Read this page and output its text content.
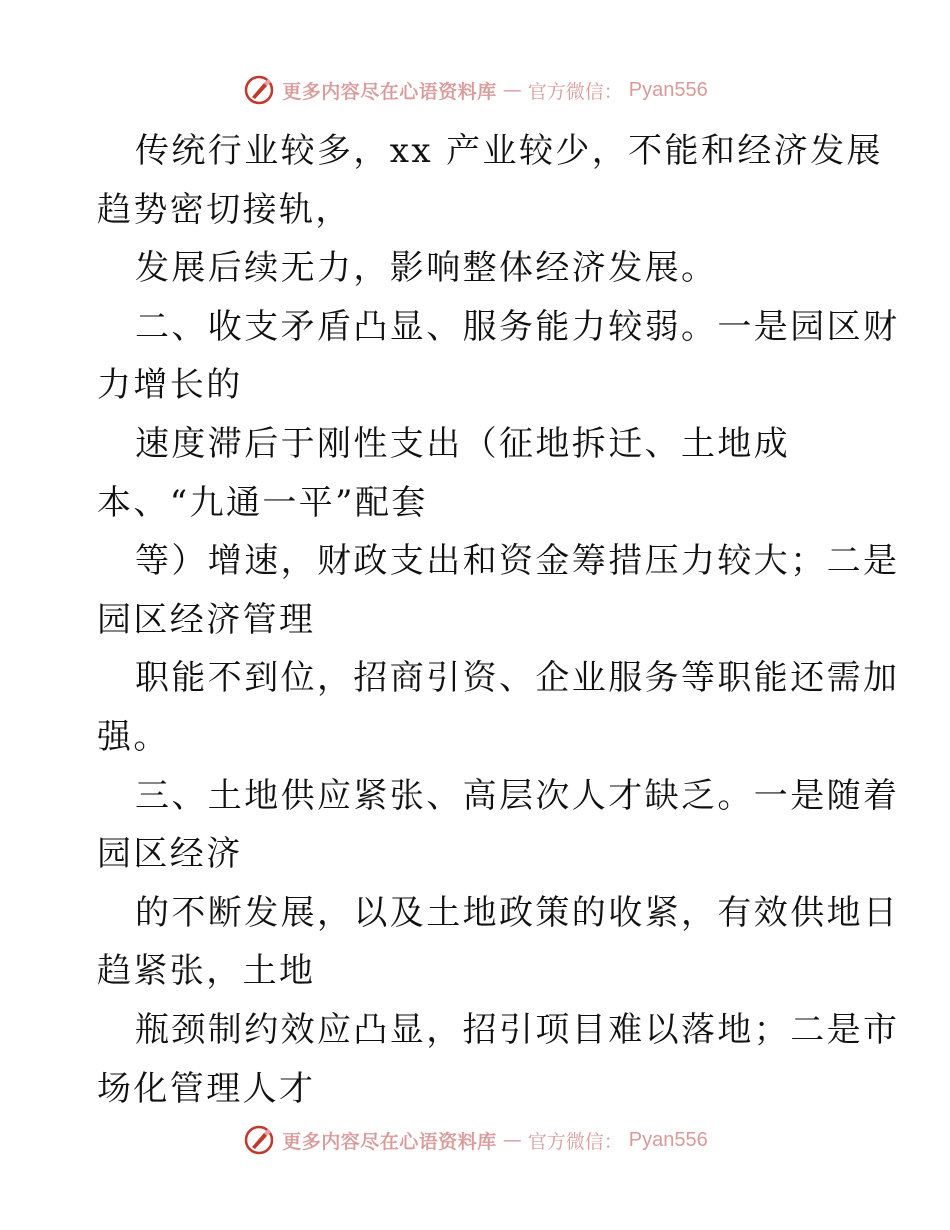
更多内容尽在心语资料库 — 官方微信： Pyan556
传统行业较多，xx 产业较少，不能和经济发展
趋势密切接轨，
发展后续无力，影响整体经济发展。
二、收支矛盾凸显、服务能力较弱。一是园区财
力增长的
速度滞后于刚性支出（征地拆迁、土地成
本、“九通一平”配套
等）增速，财政支出和资金筹措压力较大；二是
园区经济管理
职能不到位，招商引资、企业服务等职能还需加
强。
三、土地供应紧张、高层次人才缺乏。一是随着
园区经济
的不断发展，以及土地政策的收紧，有效供地日
趋紧张，土地
瓶颈制约效应凸显，招引项目难以落地；二是市
场化管理人才
更多内容尽在心语资料库 — 官方微信： Pyan556
